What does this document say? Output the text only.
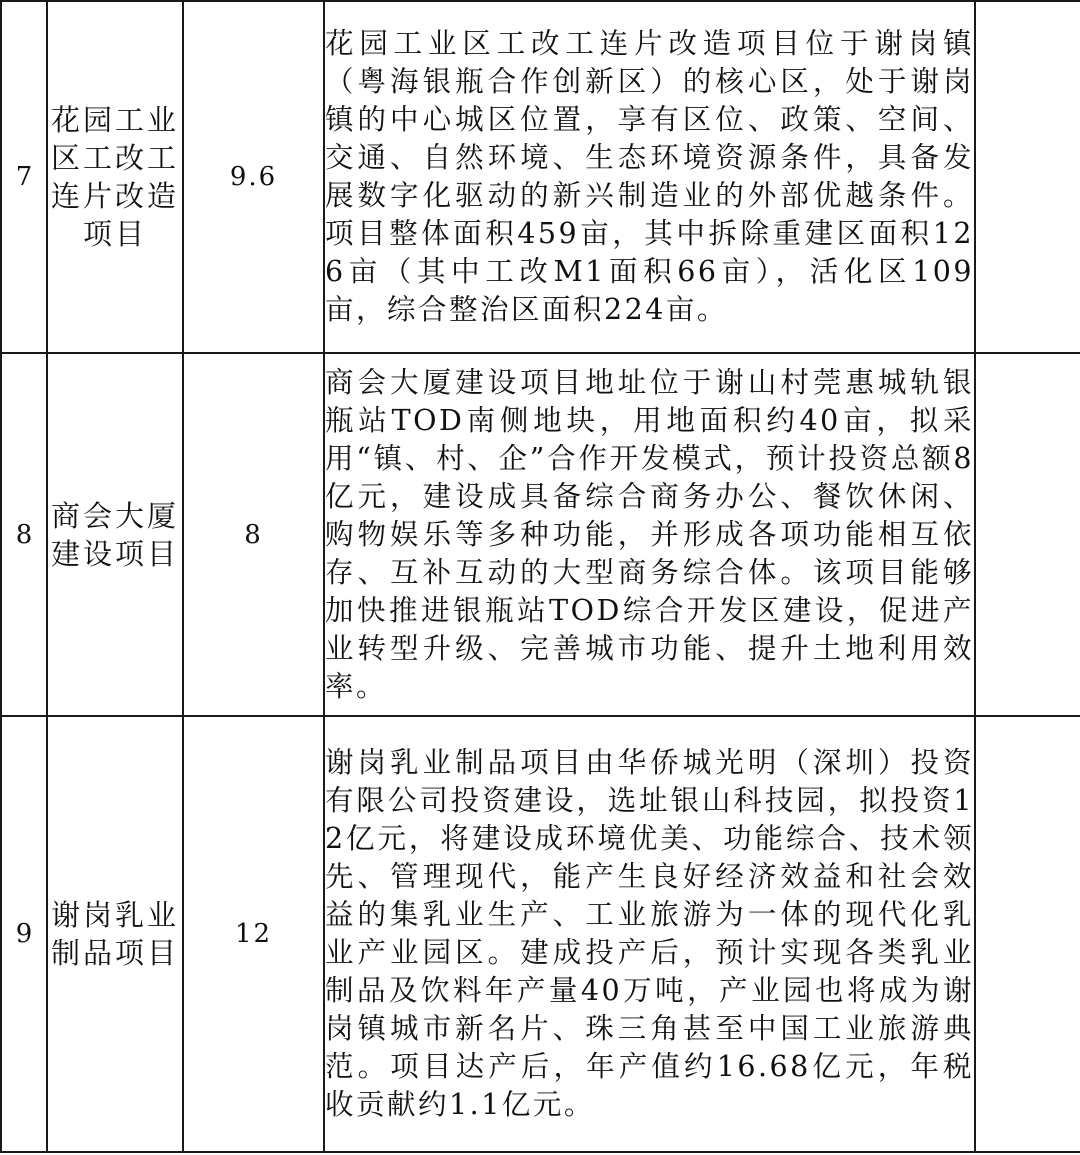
7	花园工业区工改工连片改造项目	9.6	花园工业区工改工连片改造项目位于谢岗镇（粤海银瓶合作创新区）的核心区，处于谢岗镇的中心城区位置，享有区位、政策、空间、交通、自然环境、生态环境资源条件，具备发展数字化驱动的新兴制造业的外部优越条件。项目整体面积459亩，其中拆除重建区面积126亩（其中工改M1面积66亩），活化区109亩，综合整治区面积224亩。	
8	商会大厦建设项目	8	商会大厦建设项目地址位于谢山村莞惠城轨银瓶站TOD南侧地块，用地面积约40亩，拟采用“镇、村、企”合作开发模式，预计投资总额8亿元，建设成具备综合商务办公、餐饮休闲、购物娱乐等多种功能，并形成各项功能相互依存、互补互动的大型商务综合体。该项目能够加快推进银瓶站TOD综合开发区建设，促进产业转型升级、完善城市功能、提升土地利用效率。	
9	谢岗乳业制品项目	12	谢岗乳业制品项目由华侨城光明（深圳）投资有限公司投资建设，选址银山科技园，拟投资12亿元，将建设成环境优美、功能综合、技术领先、管理现代，能产生良好经济效益和社会效益的集乳业生产、工业旅游为一体的现代化乳业产业园区。建成投产后，预计实现各类乳业制品及饮料年产量40万吨，产业园也将成为谢岗镇城市新名片、珠三角甚至中国工业旅游典范。项目达产后，年产值约16.68亿元，年税收贡献约1.1亿元。	
